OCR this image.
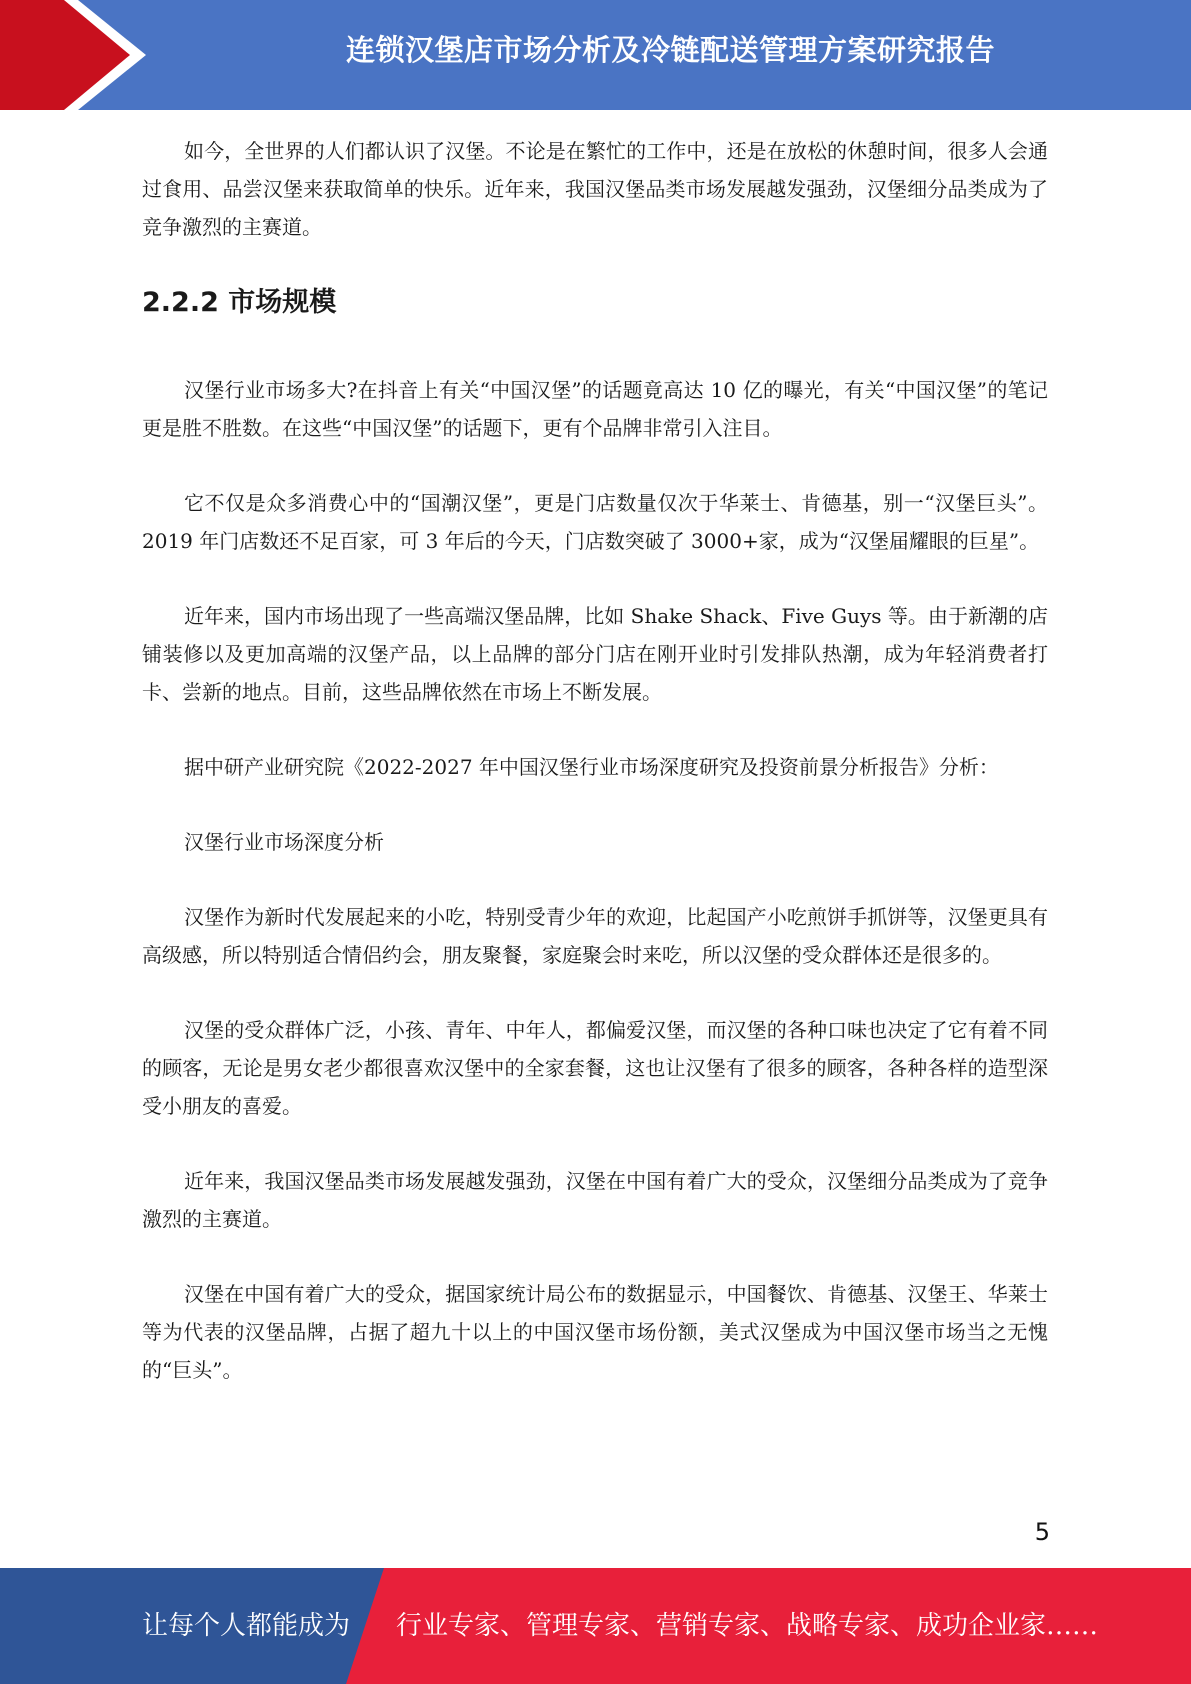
连锁汉堡店市场分析及冷链配送管理方案研究报告

如今，全世界的人们都认识了汉堡。不论是在繁忙的工作中，还是在放松的休憩时间，很多人会通过食用、品尝汉堡来获取简单的快乐。近年来，我国汉堡品类市场发展越发强劲，汉堡细分品类成为了竞争激烈的主赛道。

2.2.2 市场规模

汉堡行业市场多大?在抖音上有关“中国汉堡”的话题竟高达 10 亿的曝光，有关“中国汉堡”的笔记更是胜不胜数。在这些“中国汉堡”的话题下，更有个品牌非常引入注目。

它不仅是众多消费心中的“国潮汉堡”，更是门店数量仅次于华莱士、肯德基，别一“汉堡巨头”。2019 年门店数还不足百家，可 3 年后的今天，门店数突破了 3000+家，成为“汉堡届耀眼的巨星”。

近年来，国内市场出现了一些高端汉堡品牌，比如 Shake Shack、Five Guys 等。由于新潮的店铺装修以及更加高端的汉堡产品，以上品牌的部分门店在刚开业时引发排队热潮，成为年轻消费者打卡、尝新的地点。目前，这些品牌依然在市场上不断发展。

据中研产业研究院《2022-2027 年中国汉堡行业市场深度研究及投资前景分析报告》分析：

汉堡行业市场深度分析

汉堡作为新时代发展起来的小吃，特别受青少年的欢迎，比起国产小吃煎饼手抓饼等，汉堡更具有高级感，所以特别适合情侣约会，朋友聚餐，家庭聚会时来吃，所以汉堡的受众群体还是很多的。

汉堡的受众群体广泛，小孩、青年、中年人，都偏爱汉堡，而汉堡的各种口味也决定了它有着不同的顾客，无论是男女老少都很喜欢汉堡中的全家套餐，这也让汉堡有了很多的顾客，各种各样的造型深受小朋友的喜爱。

近年来，我国汉堡品类市场发展越发强劲，汉堡在中国有着广大的受众，汉堡细分品类成为了竞争激烈的主赛道。

汉堡在中国有着广大的受众，据国家统计局公布的数据显示，中国餐饮、肯德基、汉堡王、华莱士等为代表的汉堡品牌，占据了超九十以上的中国汉堡市场份额，美式汉堡成为中国汉堡市场当之无愧的“巨头”。

5
让每个人都能成为 行业专家、管理专家、营销专家、战略专家、成功企业家……
